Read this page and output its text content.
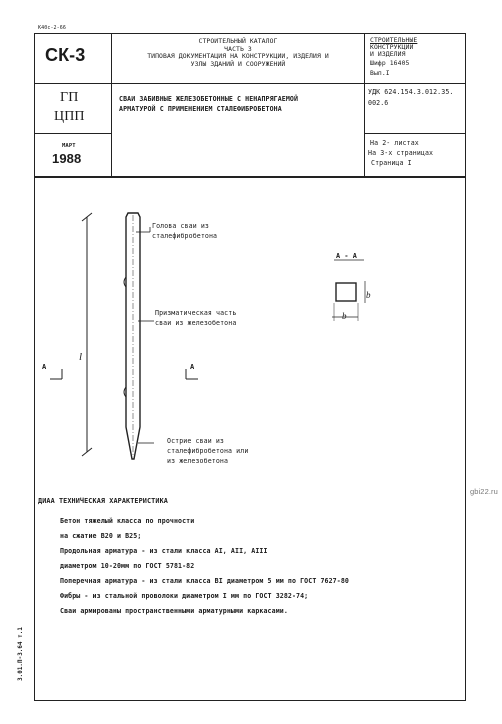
К40с-2-66
СК-3
ГП
ЦПП
МАРТ
1988
СТРОИТЕЛЬНЫЙ КАТАЛОГ
ЧАСТЬ 3
ТИПОВАЯ ДОКУМЕНТАЦИЯ НА КОНСТРУКЦИИ, ИЗДЕЛИЯ И
УЗЛЫ ЗДАНИЙ И СООРУЖЕНИЙ
СТРОИТЕЛЬНЫЕ
КОНСТРУКЦИИ
И ИЗДЕЛИЯ
Шифр 16405
Вып.I
СВАИ ЗАБИВНЫЕ ЖЕЛЕЗОБЕТОННЫЕ С НЕНАПРЯГАЕМОЙ
АРМАТУРОЙ С ПРИМЕНЕНИЕМ СТАЛЕФИБРОБЕТОНА
УДК 624.154.3.012.35.
002.6
На 2- листах
На 3-х страницах
Страница I
Голова сваи из
сталефибробетона
Призматическая часть
сваи из железобетона
Острие сваи из
сталефибробетона или
из железобетона
l
А	А
А - А
b
b
ДИАА ТЕХНИЧЕСКАЯ ХАРАКТЕРИСТИКА
Бетон тяжелый класса по прочности
на сжатие В20 и В25;
Продольная арматура - из стали класса АI, АII, АIII
диаметром 10-20мм по ГОСТ 5781-82
Поперечная арматура - из стали класса ВI диаметром 5 мм по ГОСТ 7627-80
Фибры - из стальной проволоки диаметром I мм по ГОСТ 3282-74;
Сваи армированы пространственными арматурными каркасами.
3.01.П-3.64 т.1
gbi22.ru
